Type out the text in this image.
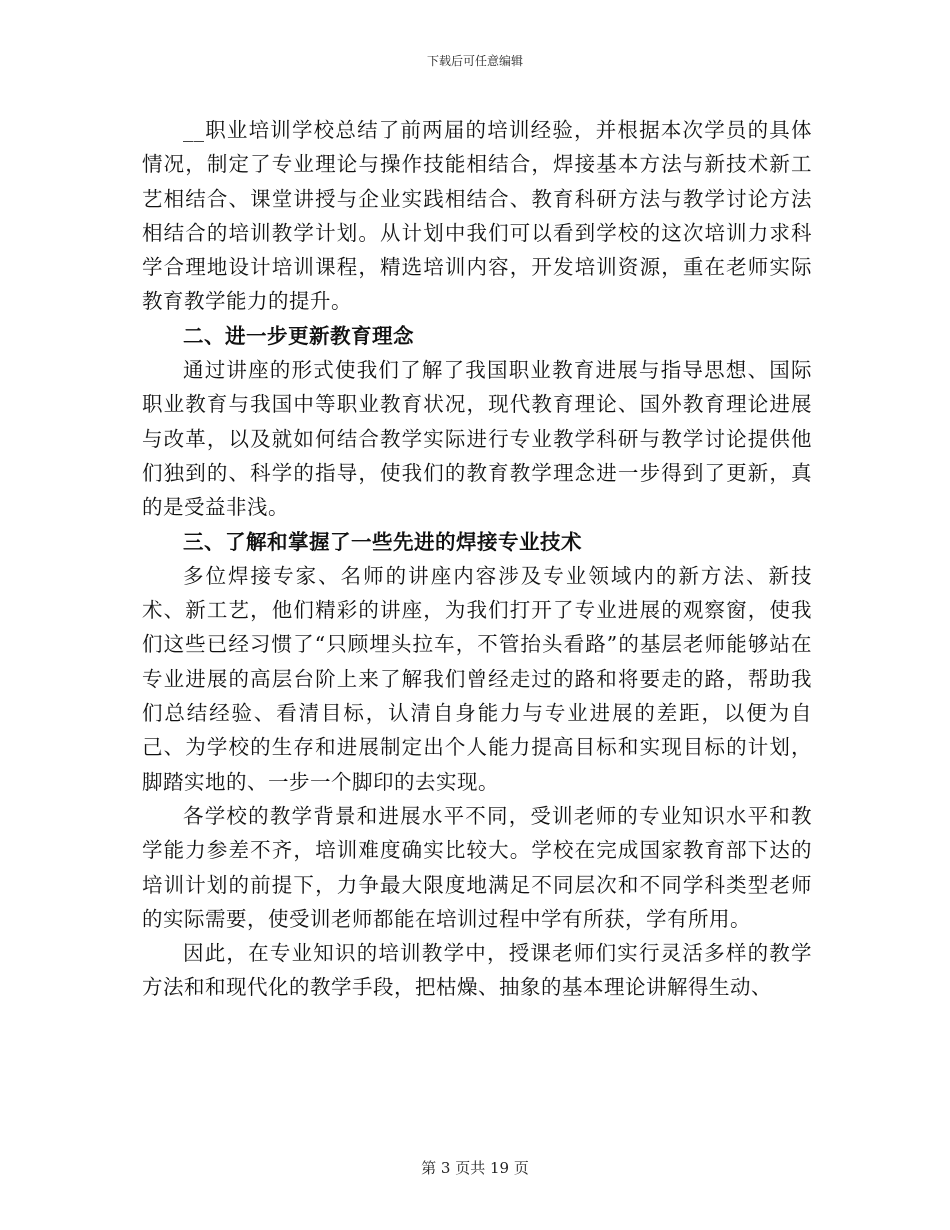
下载后可任意编辑

__职业培训学校总结了前两届的培训经验，并根据本次学员的具体情况，制定了专业理论与操作技能相结合，焊接基本方法与新技术新工艺相结合、课堂讲授与企业实践相结合、教育科研方法与教学讨论方法相结合的培训教学计划。从计划中我们可以看到学校的这次培训力求科学合理地设计培训课程，精选培训内容，开发培训资源，重在老师实际教育教学能力的提升。

二、进一步更新教育理念

通过讲座的形式使我们了解了我国职业教育进展与指导思想、国际职业教育与我国中等职业教育状况，现代教育理论、国外教育理论进展与改革，以及就如何结合教学实际进行专业教学科研与教学讨论提供他们独到的、科学的指导，使我们的教育教学理念进一步得到了更新，真的是受益非浅。

三、了解和掌握了一些先进的焊接专业技术

多位焊接专家、名师的讲座内容涉及专业领域内的新方法、新技术、新工艺，他们精彩的讲座，为我们打开了专业进展的观察窗，使我们这些已经习惯了“只顾埋头拉车，不管抬头看路”的基层老师能够站在专业进展的高层台阶上来了解我们曾经走过的路和将要走的路，帮助我们总结经验、看清目标，认清自身能力与专业进展的差距，以便为自己、为学校的生存和进展制定出个人能力提高目标和实现目标的计划，脚踏实地的、一步一个脚印的去实现。

各学校的教学背景和进展水平不同，受训老师的专业知识水平和教学能力参差不齐，培训难度确实比较大。学校在完成国家教育部下达的培训计划的前提下，力争最大限度地满足不同层次和不同学科类型老师的实际需要，使受训老师都能在培训过程中学有所获，学有所用。

因此，在专业知识的培训教学中，授课老师们实行灵活多样的教学方法和和现代化的教学手段，把枯燥、抽象的基本理论讲解得生动、

第 3 页共 19 页
